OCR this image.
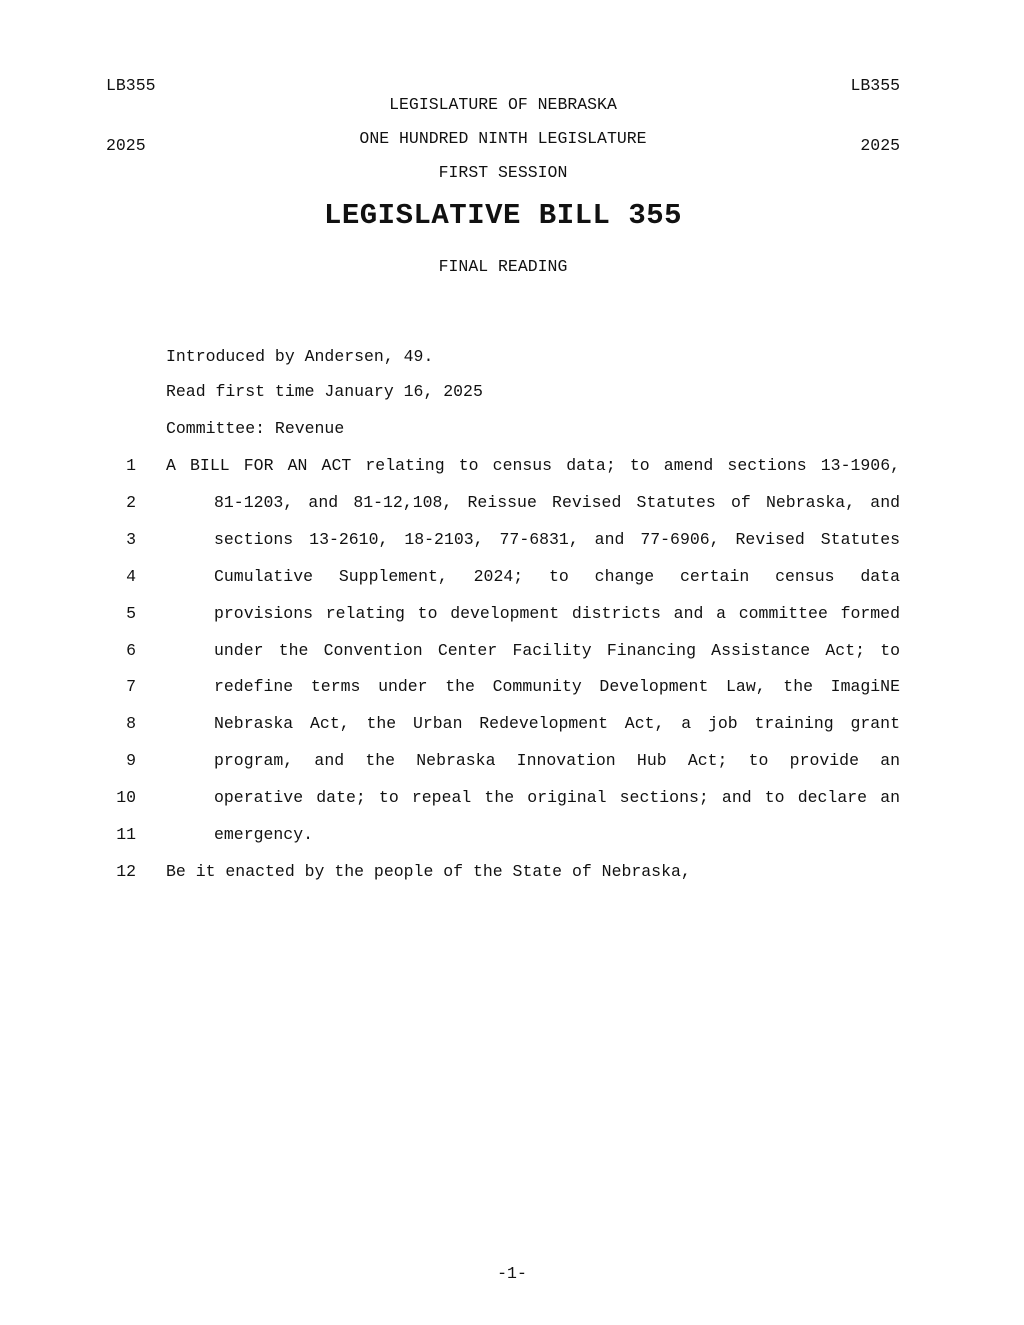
LB355

2025

LB355

2025

LEGISLATURE OF NEBRASKA
ONE HUNDRED NINTH LEGISLATURE
FIRST SESSION
LEGISLATIVE BILL 355
FINAL READING
Introduced by Andersen, 49.
Read first time January 16, 2025
Committee: Revenue
1 A BILL FOR AN ACT relating to census data; to amend sections 13-1906,
2	81-1203, and 81-12,108, Reissue Revised Statutes of Nebraska, and
3	sections 13-2610, 18-2103, 77-6831, and 77-6906, Revised Statutes
4	Cumulative Supplement, 2024; to change certain census data
5	provisions relating to development districts and a committee formed
6	under the Convention Center Facility Financing Assistance Act; to
7	redefine terms under the Community Development Law, the ImagiNE
8	Nebraska Act, the Urban Redevelopment Act, a job training grant
9	program, and the Nebraska Innovation Hub Act; to provide an
10	operative date; to repeal the original sections; and to declare an
11	emergency.
12 Be it enacted by the people of the State of Nebraska,
-1-
